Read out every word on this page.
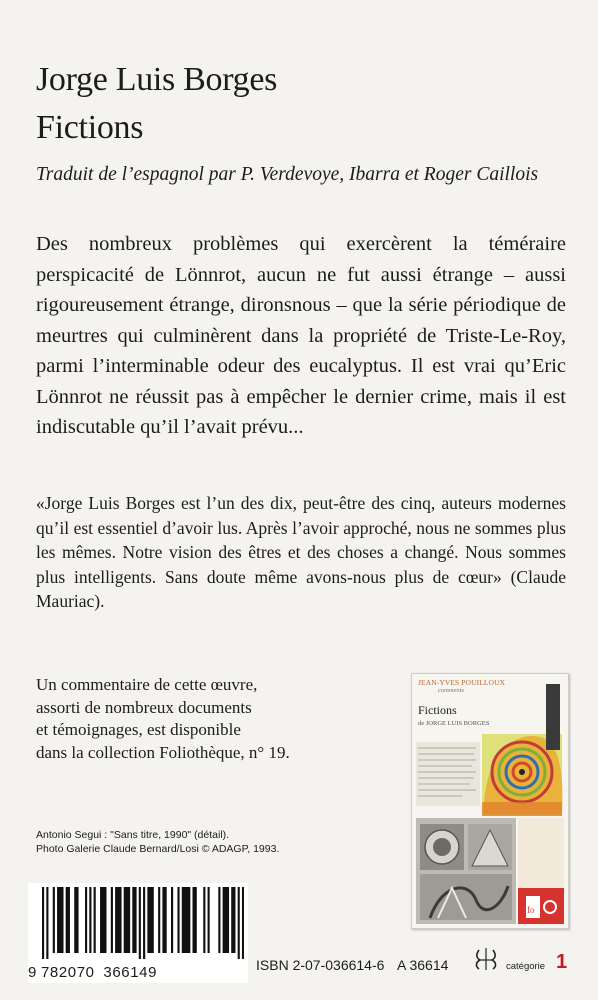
Jorge Luis Borges
Fictions
Traduit de l’espagnol par P. Verdevoye, Ibarra et Roger Caillois

Des nombreux problèmes qui exercèrent la téméraire perspicacité de Lönnrot, aucun ne fut aussi étrange – aussi rigoureusement étrange, dironsnous – que la série périodique de meurtres qui culminèrent dans la propriété de Triste-Le-Roy, parmi l’interminable odeur des eucalyptus. Il est vrai qu’Eric Lönnrot ne réussit pas à empêcher le dernier crime, mais il est indiscutable qu’il l’avait prévu...

«Jorge Luis Borges est l’un des dix, peut-être des cinq, auteurs modernes qu’il est essentiel d’avoir lus. Après l’avoir approché, nous ne sommes plus les mêmes. Notre vision des êtres et des choses a changé. Nous sommes plus intelligents. Sans doute même avons-nous plus de cœur» (Claude Mauriac).

Un commentaire de cette œuvre,
assorti de nombreux documents
et témoignages, est disponible
dans la collection Foliothèque, n° 19.
fo
JEAN-YVES POUILLOUX
commente
Fictions
de JORGE LUIS BORGES
Antonio Segui : "Sans titre, 1990" (détail).
Photo Galerie Claude Bernard/Losi © ADAGP, 1993.
9 782070 366149	ISBN 2-07-036614-6 A 36614	catégorie 1
